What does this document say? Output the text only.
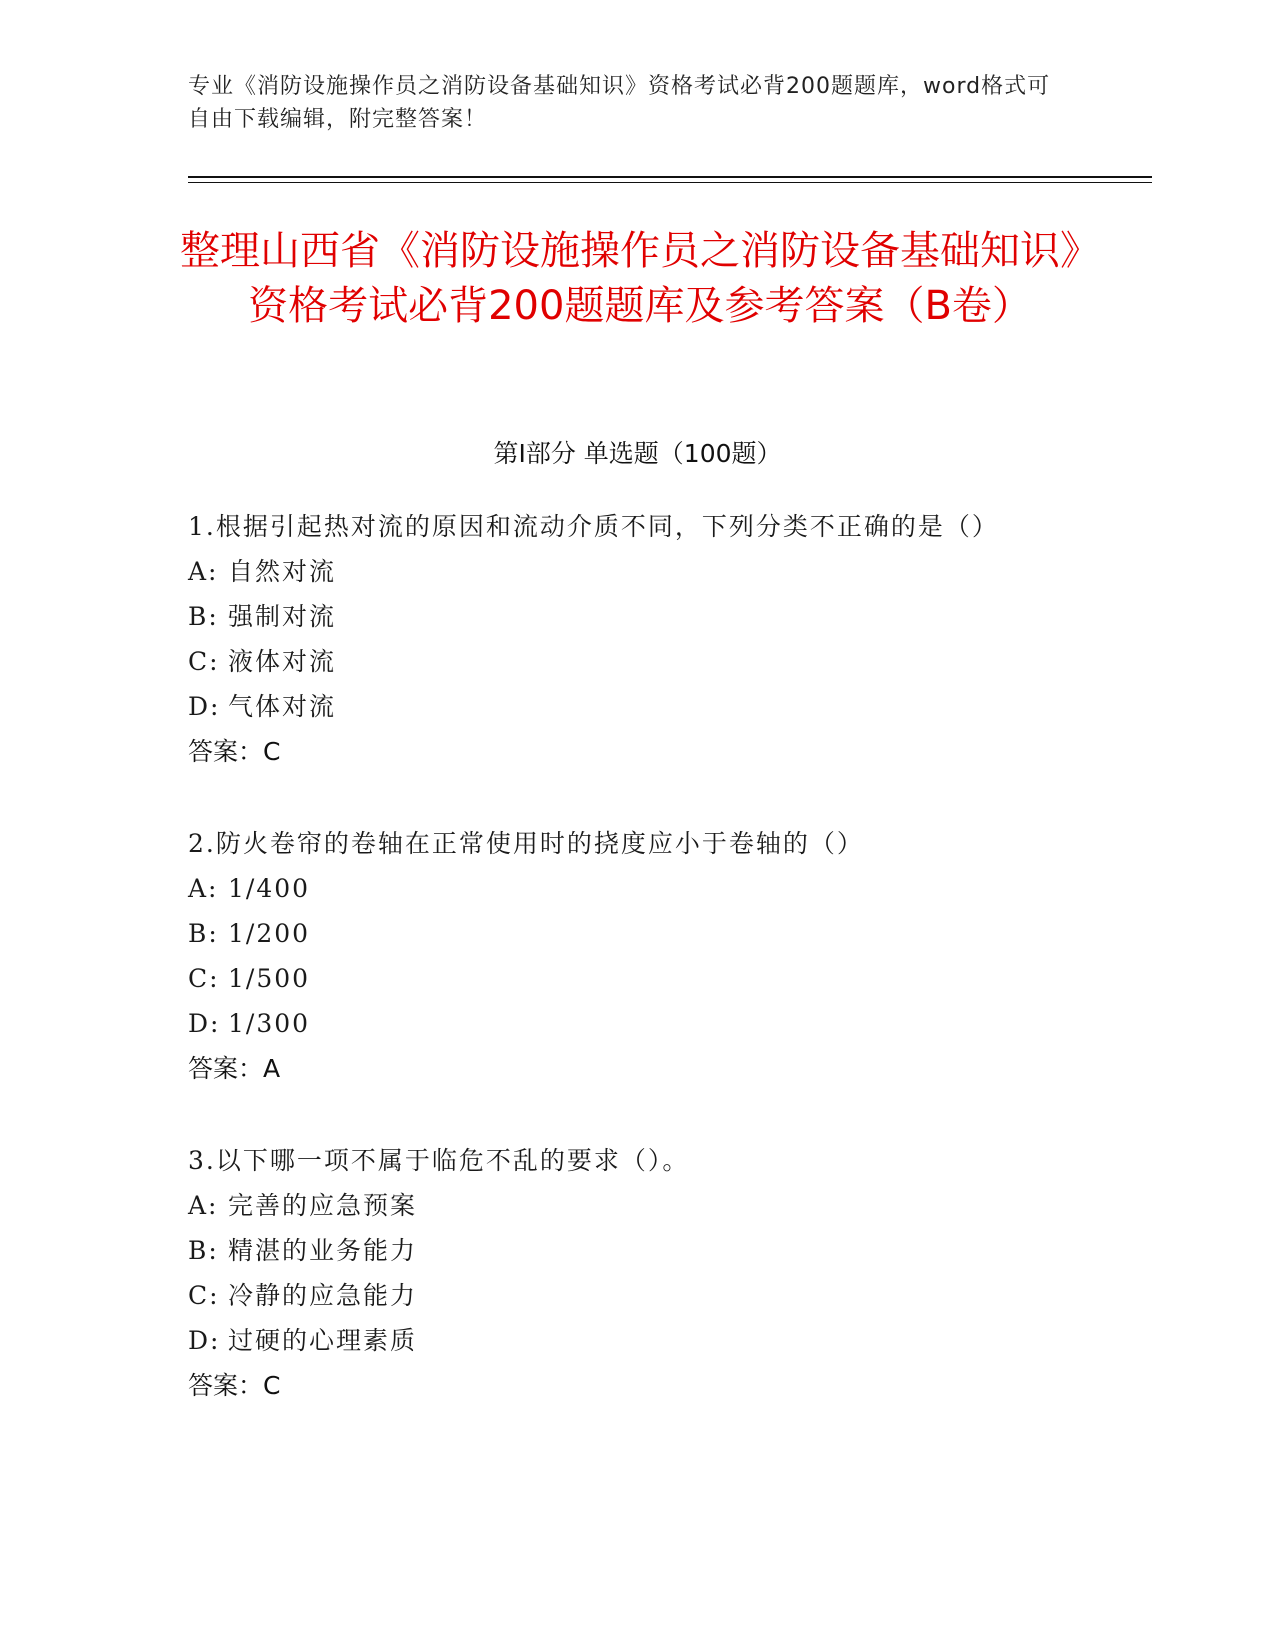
专业《消防设施操作员之消防设备基础知识》资格考试必背200题题库，word格式可自由下载编辑，附完整答案！
整理山西省《消防设施操作员之消防设备基础知识》资格考试必背200题题库及参考答案（B卷）
第Ⅰ部分 单选题（100题）
1.根据引起热对流的原因和流动介质不同，下列分类不正确的是（）
A: 自然对流
B: 强制对流
C: 液体对流
D: 气体对流
答案：C
2.防火卷帘的卷轴在正常使用时的挠度应小于卷轴的（）
A: 1/400
B: 1/200
C: 1/500
D: 1/300
答案：A
3.以下哪一项不属于临危不乱的要求（）。
A: 完善的应急预案
B: 精湛的业务能力
C: 冷静的应急能力
D: 过硬的心理素质
答案：C
